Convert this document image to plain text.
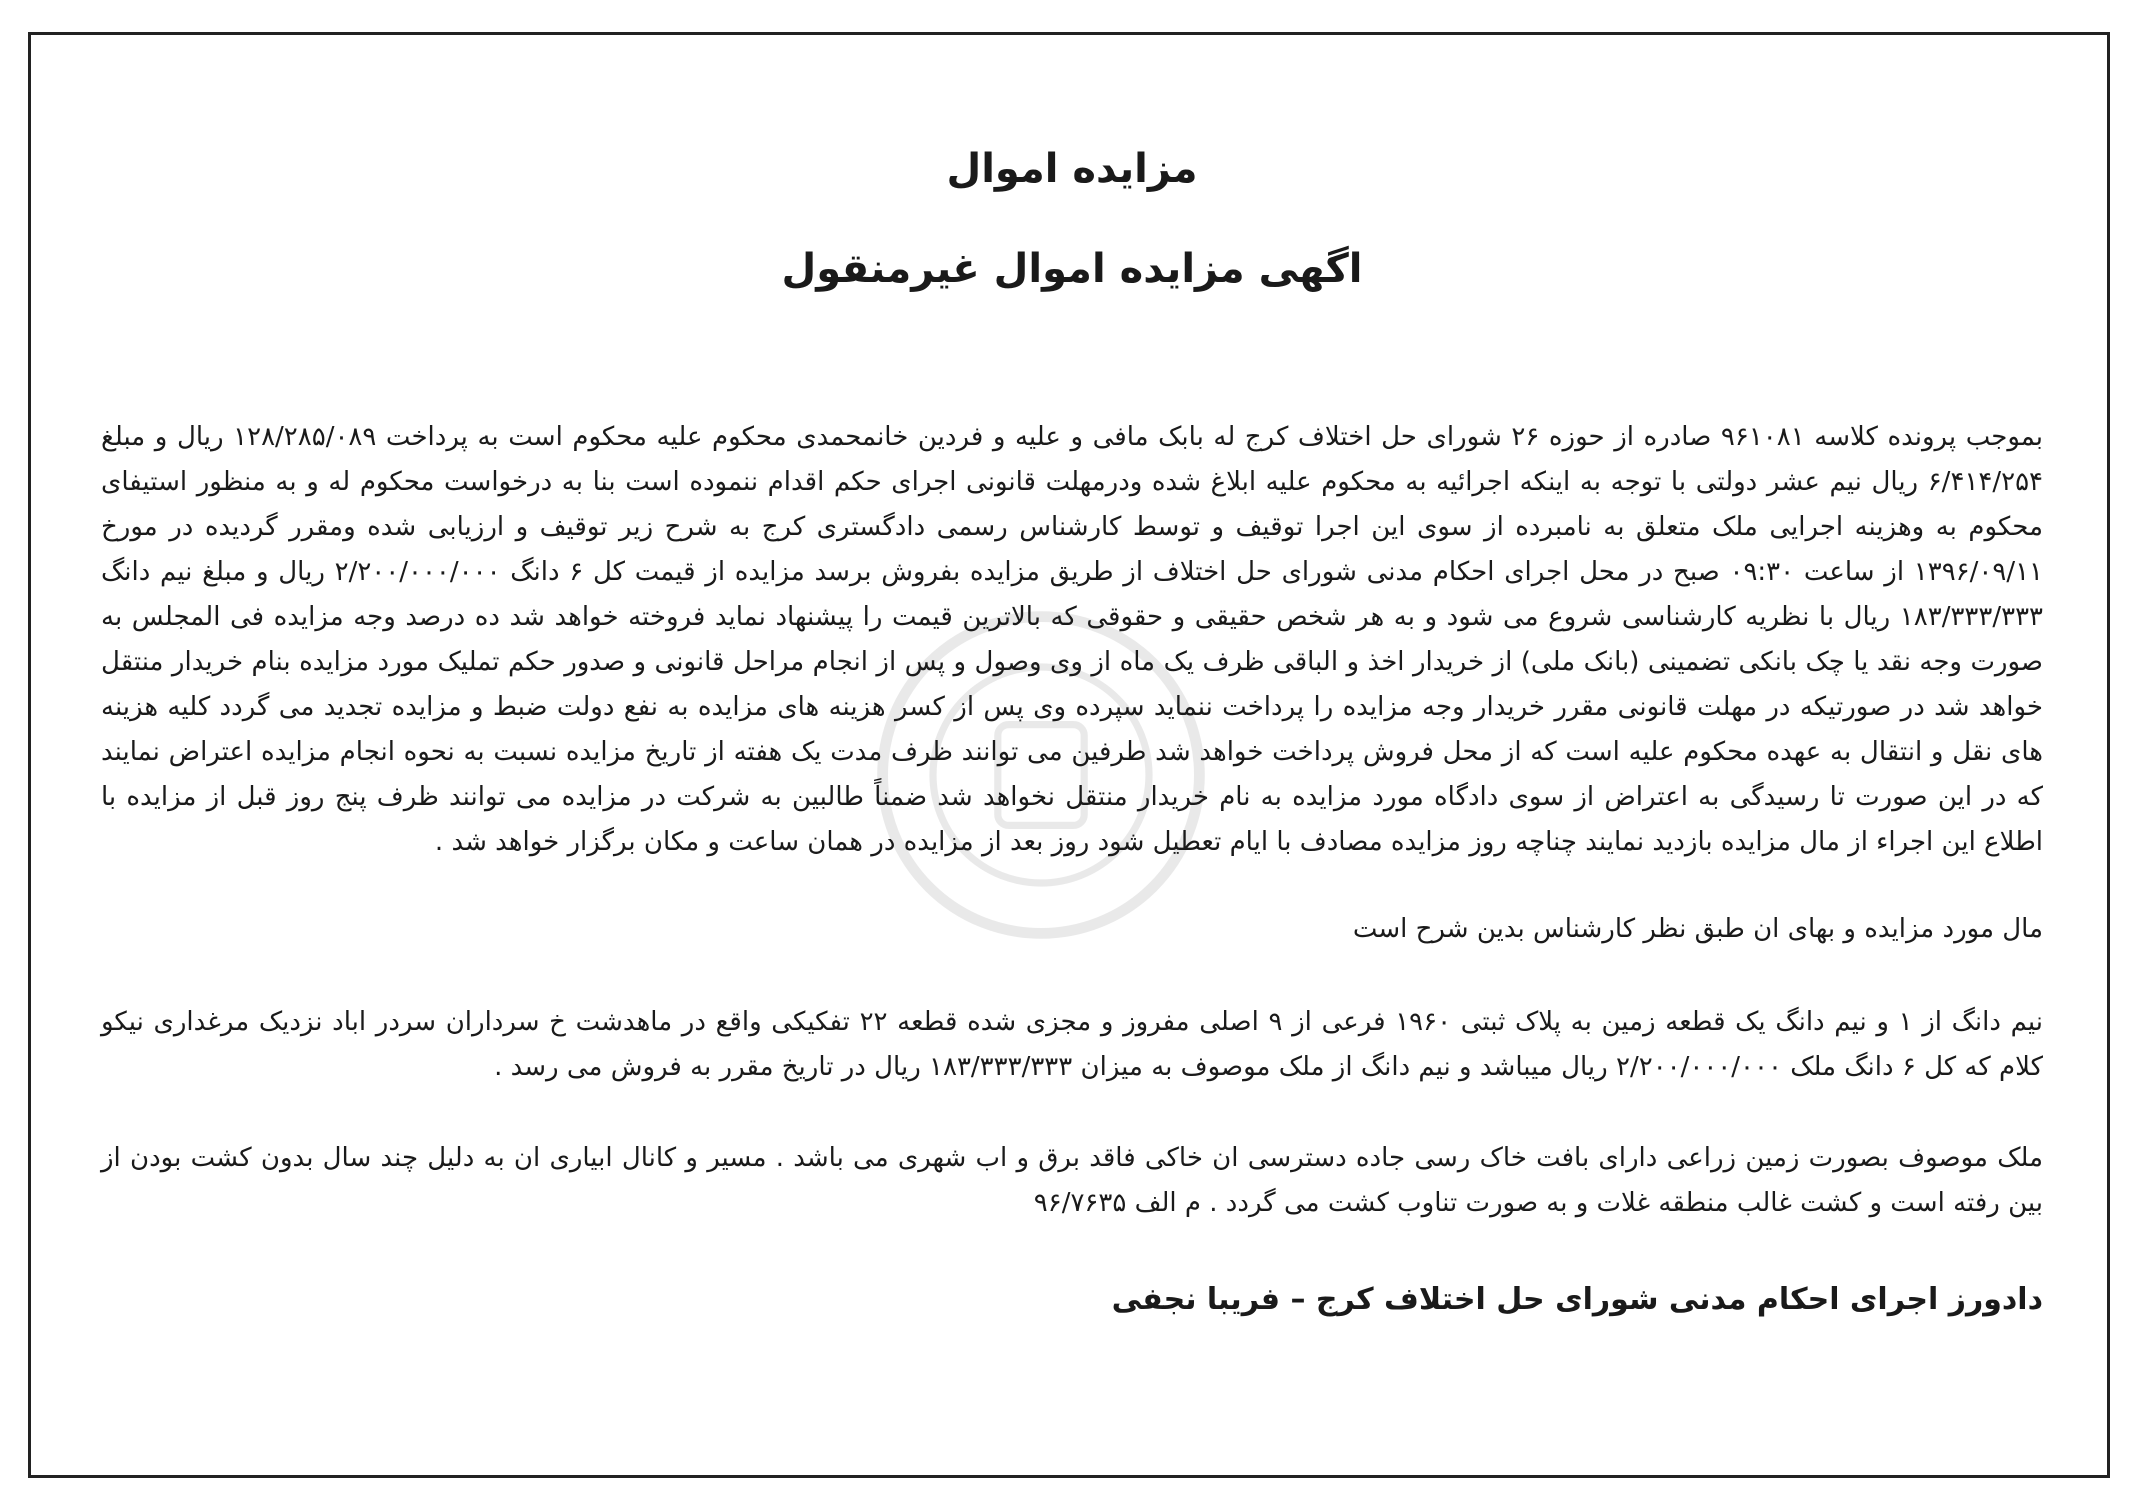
مزایده اموال
اگهی مزایده اموال غیرمنقول

بموجب پرونده کلاسه ۹۶۱۰۸۱ صادره از حوزه ۲۶ شورای حل اختلاف کرج له بابک مافی و علیه و فردین خانمحمدی محکوم علیه محکوم است به پرداخت ۱۲۸/۲۸۵/۰۸۹ ریال و مبلغ ۶/۴۱۴/۲۵۴ ریال نیم عشر دولتی با توجه به اینکه اجرائیه به محکوم علیه ابلاغ شده ودرمهلت قانونی اجرای حکم اقدام ننموده است بنا به درخواست محکوم له و به منظور استیفای محکوم به وهزینه اجرایی ملک متعلق به نامبرده از سوی این اجرا توقیف و توسط کارشناس رسمی دادگستری کرج به شرح زیر توقیف و ارزیابی شده ومقرر گردیده در مورخ ۱۳۹۶/۰۹/۱۱ از ساعت ۰۹:۳۰ صبح در محل اجرای احکام مدنی شورای حل اختلاف از طریق مزایده بفروش برسد مزایده از قیمت کل ۶ دانگ ۲/۲۰۰/۰۰۰/۰۰۰ ریال و مبلغ نیم دانگ ۱۸۳/۳۳۳/۳۳۳ ریال با نظریه کارشناسی شروع می شود و به هر شخص حقیقی و حقوقی که بالاترین قیمت را پیشنهاد نماید فروخته خواهد شد ده درصد وجه مزایده فی المجلس به صورت وجه نقد یا چک بانکی تضمینی (بانک ملی) از خریدار اخذ و الباقی ظرف یک ماه از وی وصول و پس از انجام مراحل قانونی و صدور حکم تملیک مورد مزایده بنام خریدار منتقل خواهد شد در صورتیکه در مهلت قانونی مقرر خریدار وجه مزایده را پرداخت ننماید سپرده وی پس از کسر هزینه های مزایده به نفع دولت ضبط و مزایده تجدید می گردد کلیه هزینه های نقل و انتقال به عهده محکوم علیه است که از محل فروش پرداخت خواهد شد طرفین می توانند ظرف مدت یک هفته از تاریخ مزایده نسبت به نحوه انجام مزایده اعتراض نمایند که در این صورت تا رسیدگی به اعتراض از سوی دادگاه مورد مزایده به نام خریدار منتقل نخواهد شد ضمناً طالبین به شرکت در مزایده می توانند ظرف پنج روز قبل از مزایده با اطلاع این اجراء از مال مزایده بازدید نمایند چناچه روز مزایده مصادف با ایام تعطیل شود روز بعد از مزایده در همان ساعت و مکان برگزار خواهد شد .

مال مورد مزایده و بهای ان طبق نظر کارشناس بدین شرح است

نیم دانگ از ۱ و نیم دانگ یک قطعه زمین به پلاک ثبتی ۱۹۶۰ فرعی از ۹ اصلی مفروز و مجزی شده قطعه ۲۲ تفکیکی واقع در ماهدشت خ سرداران سردر اباد نزدیک مرغداری نیکو کلام که کل ۶ دانگ ملک ۲/۲۰۰/۰۰۰/۰۰۰ ریال میباشد و نیم دانگ از ملک موصوف به میزان ۱۸۳/۳۳۳/۳۳۳ ریال در تاریخ مقرر به فروش می رسد .

ملک موصوف بصورت زمین زراعی دارای بافت خاک رسی جاده دسترسی ان خاکی فاقد برق و اب شهری می باشد . مسیر و کانال ابیاری ان به دلیل چند سال بدون کشت بودن از بین رفته است و کشت غالب منطقه غلات و به صورت تناوب کشت می گردد . م الف ۹۶/۷۶۳۵

دادورز اجرای احکام مدنی شورای حل اختلاف کرج – فریبا نجفی
